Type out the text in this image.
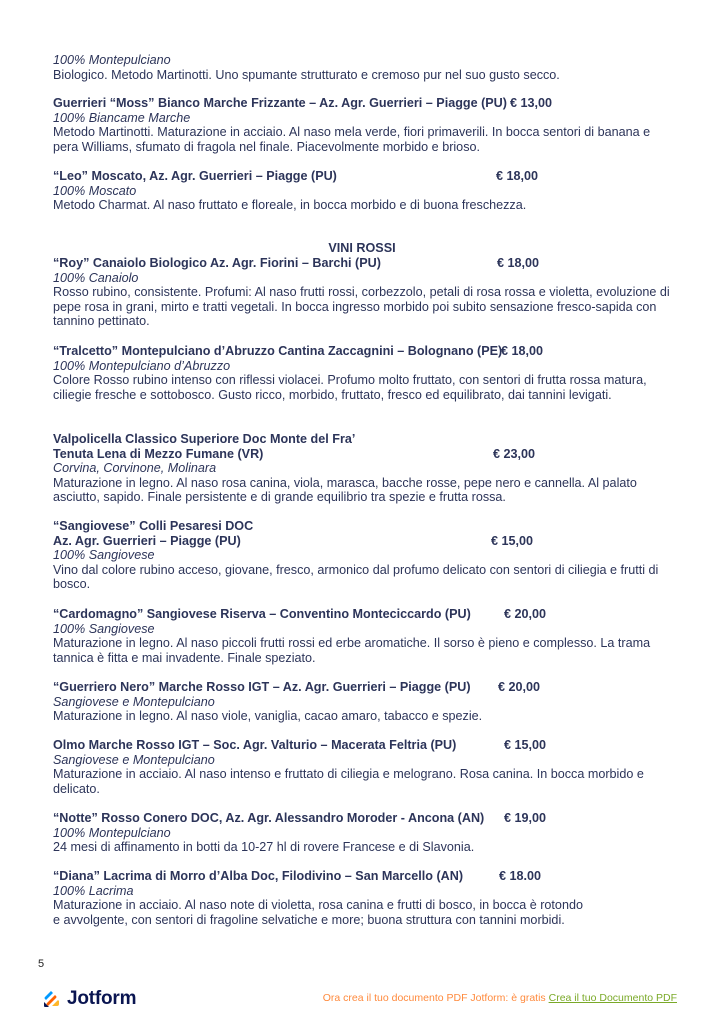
100% Montepulciano
Biologico. Metodo Martinotti. Uno spumante strutturato e cremoso pur nel suo gusto secco.
Guerrieri “Moss” Bianco Marche Frizzante – Az. Agr. Guerrieri – Piagge (PU) € 13,00
100% Biancame Marche
Metodo Martinotti. Maturazione in acciaio. Al naso mela verde, fiori primaverili. In bocca sentori di banana e pera Williams, sfumato di fragola nel finale. Piacevolmente morbido e brioso.
“Leo” Moscato, Az. Agr. Guerrieri – Piagge (PU)	€ 18,00
100% Moscato
Metodo Charmat. Al naso fruttato e floreale, in bocca morbido e di buona freschezza.
VINI ROSSI
“Roy” Canaiolo Biologico Az. Agr. Fiorini – Barchi (PU)	€ 18,00
100% Canaiolo
Rosso rubino, consistente. Profumi: Al naso frutti rossi, corbezzolo, petali di rosa rossa e violetta, evoluzione di pepe rosa in grani, mirto e tratti vegetali. In bocca ingresso morbido poi subito sensazione fresco-sapida con tannino pettinato.
“Tralcetto” Montepulciano d’Abruzzo Cantina Zaccagnini – Bolognano (PE)
€ 18,00
100% Montepulciano d’Abruzzo
Colore Rosso rubino intenso con riflessi violacei. Profumo molto fruttato, con sentori di frutta rossa matura, ciliegie fresche e sottobosco. Gusto ricco, morbido, fruttato, fresco ed equilibrato, dai tannini levigati.
Valpolicella Classico Superiore Doc Monte del Fra’
Tenuta Lena di Mezzo Fumane (VR)	€ 23,00
Corvina, Corvinone, Molinara
Maturazione in legno. Al naso rosa canina, viola, marasca, bacche rosse, pepe nero e cannella. Al palato asciutto, sapido. Finale persistente e di grande equilibrio tra spezie e frutta rossa.
“Sangiovese” Colli Pesaresi DOC
Az. Agr. Guerrieri – Piagge (PU)	€ 15,00
100% Sangiovese
Vino dal colore rubino acceso, giovane, fresco, armonico dal profumo delicato con sentori di ciliegia e frutti di bosco.
“Cardomagno” Sangiovese Riserva – Conventino Monteciccardo (PU)	€ 20,00
100% Sangiovese
Maturazione in legno. Al naso piccoli frutti rossi ed erbe aromatiche. Il sorso è pieno e complesso. La trama tannica è fitta e mai invadente. Finale speziato.
“Guerriero Nero” Marche Rosso IGT – Az. Agr. Guerrieri – Piagge (PU) € 20,00
Sangiovese e Montepulciano
Maturazione in legno. Al naso viole, vaniglia, cacao amaro, tabacco e spezie.
Olmo Marche Rosso IGT – Soc. Agr. Valturio – Macerata Feltria (PU)	€ 15,00
Sangiovese e Montepulciano
Maturazione in acciaio. Al naso intenso e fruttato di ciliegia e melograno. Rosa canina. In bocca morbido e delicato.
“Notte” Rosso Conero DOC, Az. Agr. Alessandro Moroder - Ancona (AN) € 19,00
100% Montepulciano
24 mesi di affinamento in botti da 10-27 hl di rovere Francese e di Slavonia.
“Diana” Lacrima di Morro d’Alba Doc, Filodivino – San Marcello (AN)	€ 18.00
100% Lacrima
Maturazione in acciaio. Al naso note di violetta, rosa canina e frutti di bosco, in bocca è rotondo
e avvolgente, con sentori di fragoline selvatiche e more; buona struttura con tannini morbidi.
5
Jotform	Ora crea il tuo documento PDF Jotform: è gratis Crea il tuo Documento PDF
